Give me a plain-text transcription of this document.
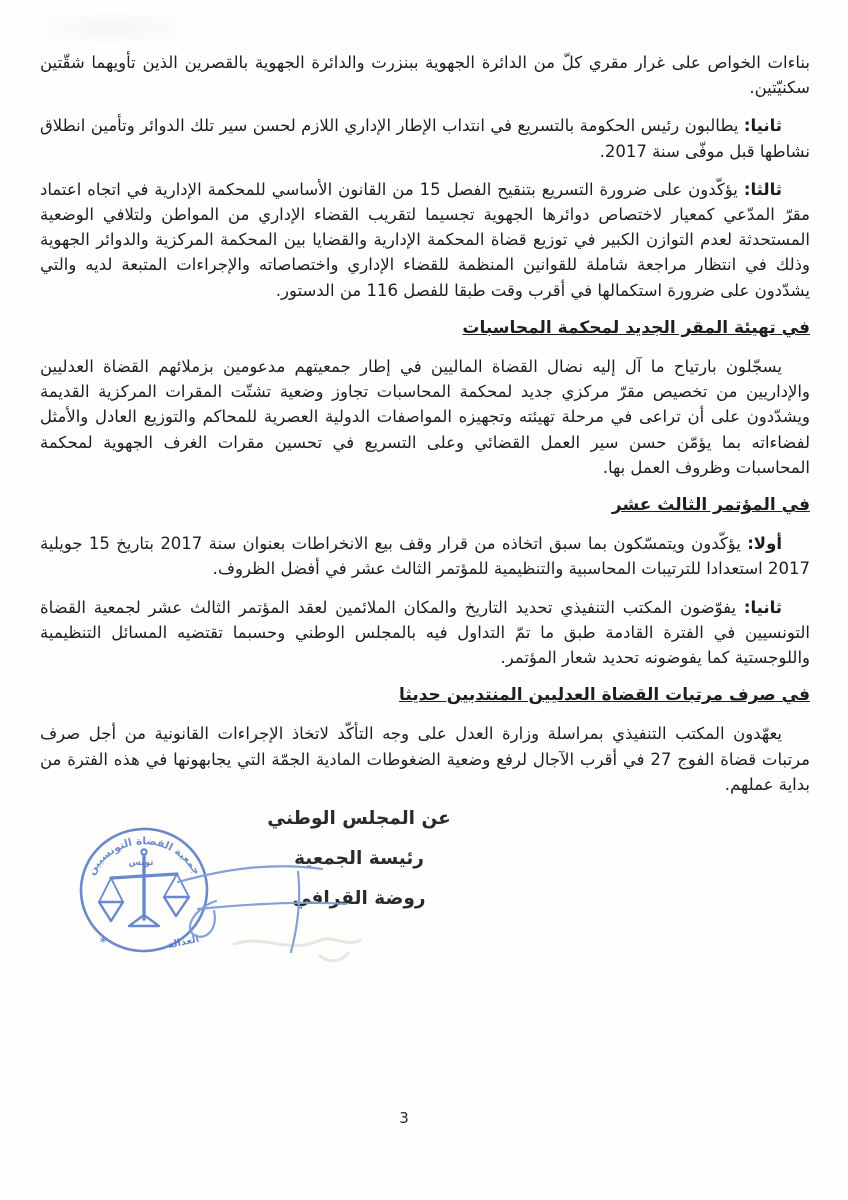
بناءات الخواص على غرار مقري كلّ من الدائرة الجهوية ببنزرت والدائرة الجهوية بالقصرين الذين تأويهما شقّتين سكنيّتين.

ثانيا: يطالبون رئيس الحكومة بالتسريع في انتداب الإطار الإداري اللازم لحسن سير تلك الدوائر وتأمين انطلاق نشاطها قبل موفّى سنة 2017.

ثالثا: يؤكّدون على ضرورة التسريع بتنقيح الفصل 15 من القانون الأساسي للمحكمة الإدارية في اتجاه اعتماد مقرّ المدّعي كمعيار لاختصاص دوائرها الجهوية تجسيما لتقريب القضاء الإداري من المواطن ولتلافي الوضعية المستحدثة لعدم التوازن الكبير في توزيع قضاة المحكمة الإدارية والقضايا بين المحكمة المركزية والدوائر الجهوية وذلك في انتظار مراجعة شاملة للقوانين المنظمة للقضاء الإداري واختصاصاته والإجراءات المتبعة لديه والتي يشدّدون على ضرورة استكمالها في أقرب وقت طبقا للفصل 116 من الدستور.

في تهيئة المقر الجديد لمحكمة المحاسبات

يسجّلون بارتياح ما آل إليه نضال القضاة الماليين في إطار جمعيتهم مدعومين بزملائهم القضاة العدليين والإداريين من تخصيص مقرّ مركزي جديد لمحكمة المحاسبات تجاوز وضعية تشتّت المقرات المركزية القديمة ويشدّدون على أن تراعى في مرحلة تهيئته وتجهيزه المواصفات الدولية العصرية للمحاكم والتوزيع العادل والأمثل لفضاءاته بما يؤمّن حسن سير العمل القضائي وعلى التسريع في تحسين مقرات الغرف الجهوية لمحكمة المحاسبات وظروف العمل بها.

في المؤتمر الثالث عشر

أولا: يؤكّدون ويتمسّكون بما سبق اتخاذه من قرار وقف بيع الانخراطات بعنوان سنة 2017 بتاريخ 15 جويلية 2017 استعدادا للترتيبات المحاسبية والتنظيمية للمؤتمر الثالث عشر في أفضل الظروف.

ثانيا: يفوّضون المكتب التنفيذي تحديد التاريخ والمكان الملائمين لعقد المؤتمر الثالث عشر لجمعية القضاة التونسيين في الفترة القادمة طبق ما تمّ التداول فيه بالمجلس الوطني وحسبما تقتضيه المسائل التنظيمية واللوجستية كما يفوضونه تحديد شعار المؤتمر.

في صرف مرتبات القضاة العدليين المنتدبين حديثا

يعهّدون المكتب التنفيذي بمراسلة وزارة العدل على وجه التأكّد لاتخاذ الإجراءات القانونية من أجل صرف مرتبات قضاة الفوج 27 في أقرب الآجال لرفع وضعية الضغوطات المادية الجمّة التي يجابهونها في هذه الفترة من بداية عملهم.

عن المجلس الوطني
رئيسة الجمعية
روضة القرافي
جمعية القضاة التونسيين
تونس
العدالة
*
3
